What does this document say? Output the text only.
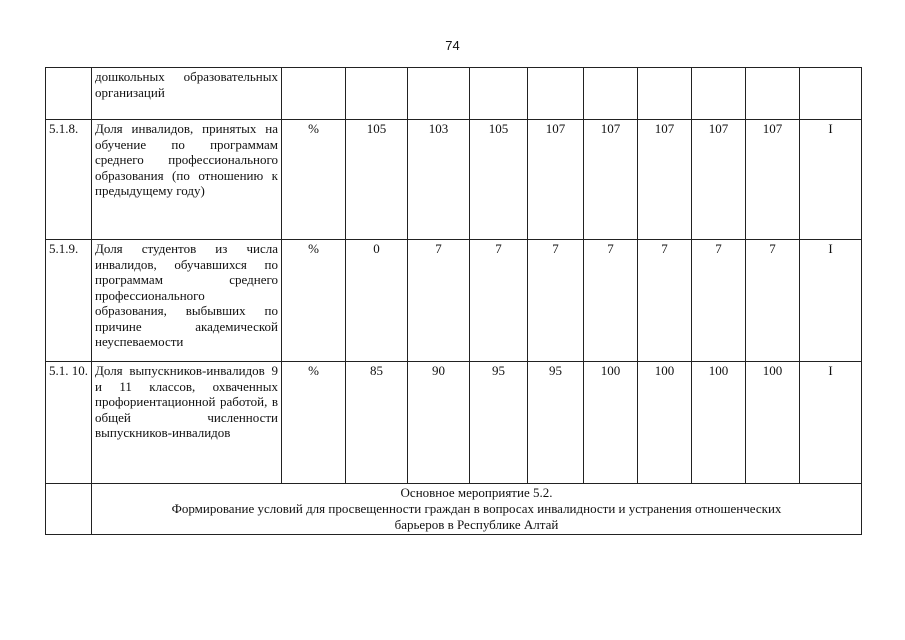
74
	дошкольных образовательных организаций										
5.1.8.	Доля инвалидов, принятых на обучение по программам среднего профессионального образования (по отношению к предыдущему году)	%	105	103	105	107	107	107	107	107	I
5.1.9.	Доля студентов из числа инвалидов, обучавшихся по программам среднего профессионального образования, выбывших по причине академической неуспеваемости	%	0	7	7	7	7	7	7	7	I
5.1. 10.	Доля выпускников-инвалидов 9 и 11 классов, охваченных профориентационной работой, в общей численности выпускников-инвалидов	%	85	90	95	95	100	100	100	100	I

	Основное мероприятие 5.2.
Формирование условий для просвещенности граждан в вопросах инвалидности и устранения отношенческих
барьеров в Республике Алтай										
